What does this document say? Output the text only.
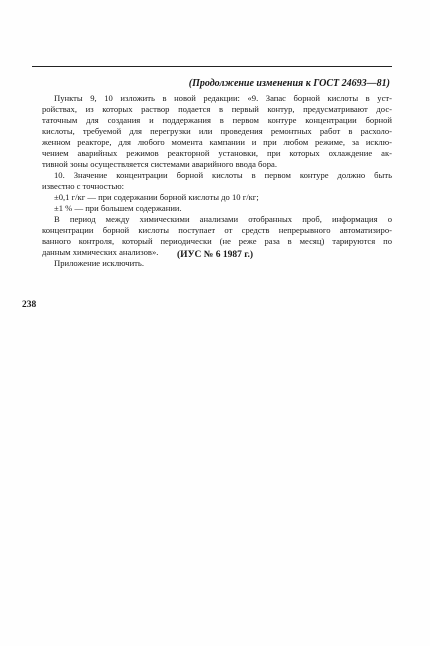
(Продолжение изменения к ГОСТ 24693—81)
Пункты 9, 10 изложить в новой редакции: «9. Запас борной кислоты в уст-
ройствах, из которых раствор подается в первый контур, предусматривают дос-
таточным для создания и поддержания в первом контуре концентрации борной
кислоты, требуемой для перегрузки или проведения ремонтных работ в расхоло-
женном реакторе, для любого момента кампании и при любом режиме, за исклю-
чением аварийных режимов реакторной установки, при которых охлаждение ак-
тивной зоны осуществляется системами аварийного ввода бора.
10. Значение концентрации борной кислоты в первом контуре должно быть
известно с точностью:
±0,1 г/кг — при содержании борной кислоты до 10 г/кг;
±1 % — при большем содержании.
В период между химическими анализами отобранных проб, информация о
концентрации борной кислоты поступает от средств непрерывного автоматизиро-
ванного контроля, который периодически (не реже раза в месяц) тарируются по
данным химических анализов».
Приложение исключить.
(ИУС № 6 1987 г.)
238
